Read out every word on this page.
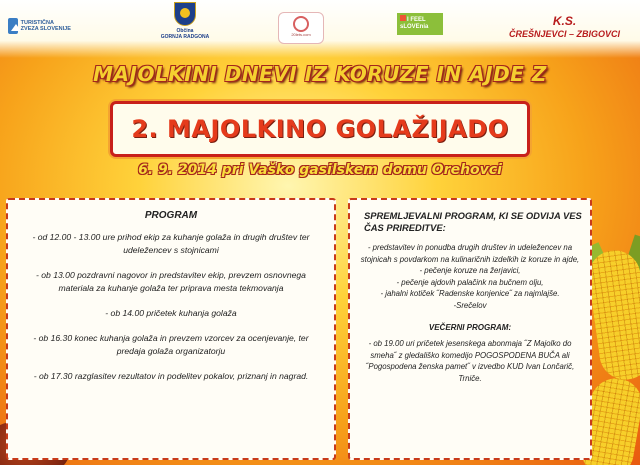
TURISTIČNA ZVEZA SLOVENIJE	Občina
GORNJA RADGONA	20lets.com
I FEEL
sLOVEnia	K.S.
ČREŠNJEVCI – ZBIGOVCI
MAJOLKINI DNEVI IZ KORUZE IN AJDE Z
2. MAJOLKINO GOLAŽIJADO
6. 9. 2014 pri Vaško gasilskem domu Orehovci
PROGRAM
- od 12.00 - 13.00 ure prihod ekip za kuhanje golaža in drugih društev ter udeležencev s stojnicami
- ob 13.00 pozdravni nagovor in predstavitev ekip, prevzem osnovnega materiala za kuhanje golaža ter priprava mesta tekmovanja
- ob 14.00 pričetek kuhanja golaža
- ob 16.30 konec kuhanja golaža in prevzem vzorcev za ocenjevanje, ter predaja golaža organizatorju
- ob 17.30 razglasitev rezultatov in podelitev pokalov, priznanj in nagrad.
SPREMLJEVALNI PROGRAM, KI SE ODVIJA VES ČAS PRIREDITVE:
- predstavitev in ponudba drugih društev in udeležencev na stojnicah s povdarkom na kulinaričnih izdelkih iz koruze in ajde,
- pečenje koruze na žerjavici,
- pečenje ajdovih palačink na bučnem olju,
- jahalni kotiček ˝Radenske konjenice˝ za najmlajše.
-Srečelov
VEČERNI PROGRAM:
- ob 19.00 uri pričetek jesenskega abonmaja ˝Z Majolko do smeha˝ z gledališko komedijo POGOSPODENA BUČA ali ˝Pogospodena ženska pamet˝ v izvedbo KUD Ivan Lončarič, Trniče.
